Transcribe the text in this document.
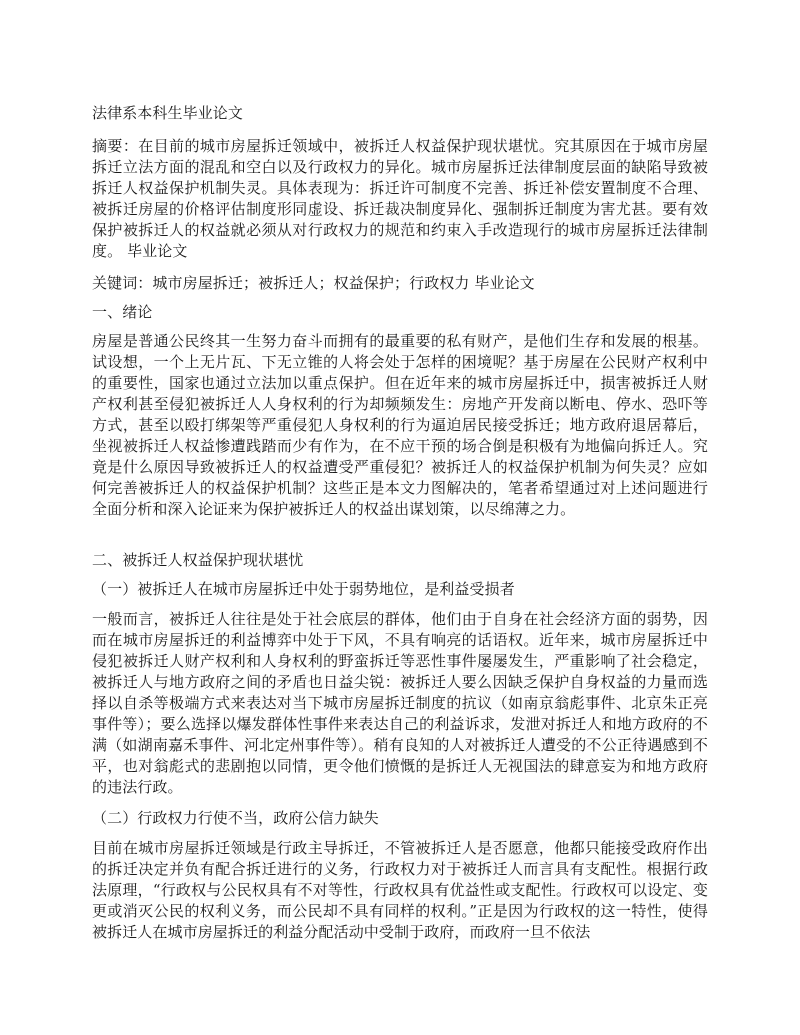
法律系本科生毕业论文

摘要：在目前的城市房屋拆迁领域中，被拆迁人权益保护现状堪忧。究其原因在于城市房屋拆迁立法方面的混乱和空白以及行政权力的异化。城市房屋拆迁法律制度层面的缺陷导致被拆迁人权益保护机制失灵。具体表现为：拆迁许可制度不完善、拆迁补偿安置制度不合理、被拆迁房屋的价格评估制度形同虚设、拆迁裁决制度异化、强制拆迁制度为害尤甚。要有效保护被拆迁人的权益就必须从对行政权力的规范和约束入手改造现行的城市房屋拆迁法律制度。 毕业论文

关键词：城市房屋拆迁；被拆迁人；权益保护；行政权力 毕业论文

一、绪论

房屋是普通公民终其一生努力奋斗而拥有的最重要的私有财产，是他们生存和发展的根基。试设想，一个上无片瓦、下无立锥的人将会处于怎样的困境呢？基于房屋在公民财产权利中的重要性，国家也通过立法加以重点保护。但在近年来的城市房屋拆迁中，损害被拆迁人财产权利甚至侵犯被拆迁人人身权利的行为却频频发生：房地产开发商以断电、停水、恐吓等方式，甚至以殴打绑架等严重侵犯人身权利的行为逼迫居民接受拆迁；地方政府退居幕后，坐视被拆迁人权益惨遭践踏而少有作为，在不应干预的场合倒是积极有为地偏向拆迁人。究竟是什么原因导致被拆迁人的权益遭受严重侵犯？被拆迁人的权益保护机制为何失灵？应如何完善被拆迁人的权益保护机制？这些正是本文力图解决的，笔者希望通过对上述问题进行全面分析和深入论证来为保护被拆迁人的权益出谋划策，以尽绵薄之力。

二、被拆迁人权益保护现状堪忧

（一）被拆迁人在城市房屋拆迁中处于弱势地位，是利益受损者

一般而言，被拆迁人往往是处于社会底层的群体，他们由于自身在社会经济方面的弱势，因而在城市房屋拆迁的利益博弈中处于下风，不具有响亮的话语权。近年来，城市房屋拆迁中侵犯被拆迁人财产权利和人身权利的野蛮拆迁等恶性事件屡屡发生，严重影响了社会稳定，被拆迁人与地方政府之间的矛盾也日益尖锐：被拆迁人要么因缺乏保护自身权益的力量而选择以自杀等极端方式来表达对当下城市房屋拆迁制度的抗议（如南京翁彪事件、北京朱正亮事件等）；要么选择以爆发群体性事件来表达自己的利益诉求，发泄对拆迁人和地方政府的不满（如湖南嘉禾事件、河北定州事件等）。稍有良知的人对被拆迁人遭受的不公正待遇感到不平，也对翁彪式的悲剧抱以同情，更令他们愤慨的是拆迁人无视国法的肆意妄为和地方政府的违法行政。

（二）行政权力行使不当，政府公信力缺失

目前在城市房屋拆迁领域是行政主导拆迁，不管被拆迁人是否愿意，他都只能接受政府作出的拆迁决定并负有配合拆迁进行的义务，行政权力对于被拆迁人而言具有支配性。根据行政法原理，“行政权与公民权具有不对等性，行政权具有优益性或支配性。行政权可以设定、变更或消灭公民的权利义务，而公民却不具有同样的权利。”正是因为行政权的这一特性，使得被拆迁人在城市房屋拆迁的利益分配活动中受制于政府，而政府一旦不依法
